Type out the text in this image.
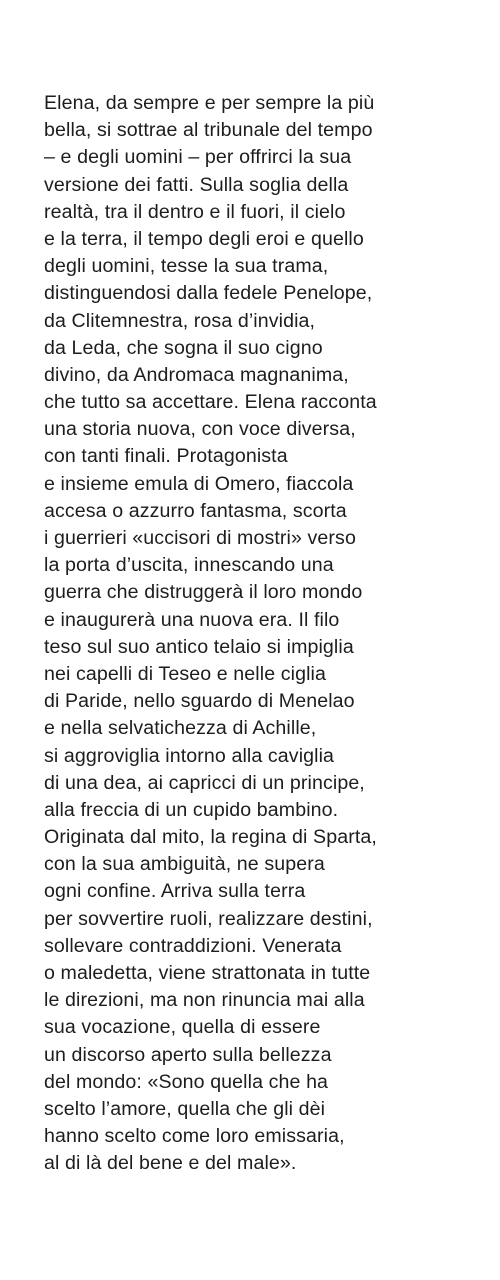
Elena, da sempre e per sempre la più
bella, si sottrae al tribunale del tempo
– e degli uomini – per offrirci la sua
versione dei fatti. Sulla soglia della
realtà, tra il dentro e il fuori, il cielo
e la terra, il tempo degli eroi e quello
degli uomini, tesse la sua trama,
distinguendosi dalla fedele Penelope,
da Clitemnestra, rosa d’invidia,
da Leda, che sogna il suo cigno
divino, da Andromaca magnanima,
che tutto sa accettare. Elena racconta
una storia nuova, con voce diversa,
con tanti finali. Protagonista
e insieme emula di Omero, fiaccola
accesa o azzurro fantasma, scorta
i guerrieri «uccisori di mostri» verso
la porta d’uscita, innescando una
guerra che distruggerà il loro mondo
e inaugurerà una nuova era. Il filo
teso sul suo antico telaio si impiglia
nei capelli di Teseo e nelle ciglia
di Paride, nello sguardo di Menelao
e nella selvatichezza di Achille,
si aggroviglia intorno alla caviglia
di una dea, ai capricci di un principe,
alla freccia di un cupido bambino.
Originata dal mito, la regina di Sparta,
con la sua ambiguità, ne supera
ogni confine. Arriva sulla terra
per sovvertire ruoli, realizzare destini,
sollevare contraddizioni. Venerata
o maledetta, viene strattonata in tutte
le direzioni, ma non rinuncia mai alla
sua vocazione, quella di essere
un discorso aperto sulla bellezza
del mondo: «Sono quella che ha
scelto l’amore, quella che gli dèi
hanno scelto come loro emissaria,
al di là del bene e del male».
